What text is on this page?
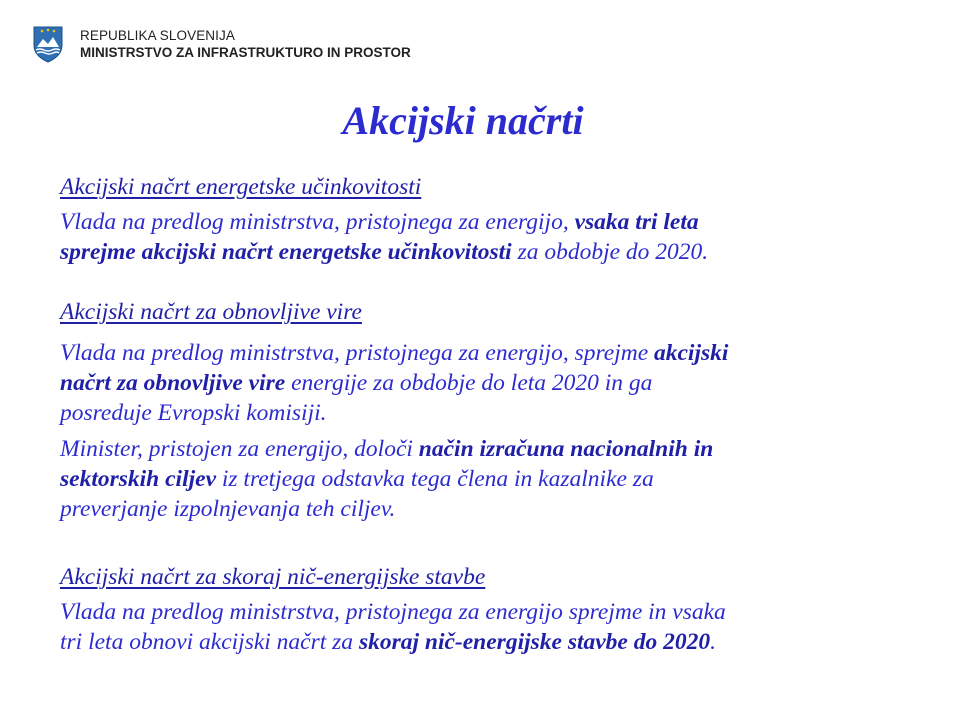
REPUBLIKA SLOVENIJA
MINISTRSTVO ZA INFRASTRUKTURO IN PROSTOR
Akcijski načrti
Akcijski načrt energetske učinkovitosti
Vlada na predlog ministrstva, pristojnega za energijo, vsaka tri leta
sprejme akcijski načrt energetske učinkovitosti za obdobje do 2020.
Akcijski načrt za obnovljive vire
Vlada na predlog ministrstva, pristojnega za energijo, sprejme akcijski
načrt za obnovljive vire energije za obdobje do leta 2020 in ga
posreduje Evropski komisiji.
Minister, pristojen za energijo, določi način izračuna nacionalnih in
sektorskih ciljev iz tretjega odstavka tega člena in kazalnike za
preverjanje izpolnjevanja teh ciljev.
Akcijski načrt za skoraj nič-energijske stavbe
Vlada na predlog ministrstva, pristojnega za energijo sprejme in vsaka
tri leta obnovi akcijski načrt za skoraj nič-energijske stavbe do 2020.
